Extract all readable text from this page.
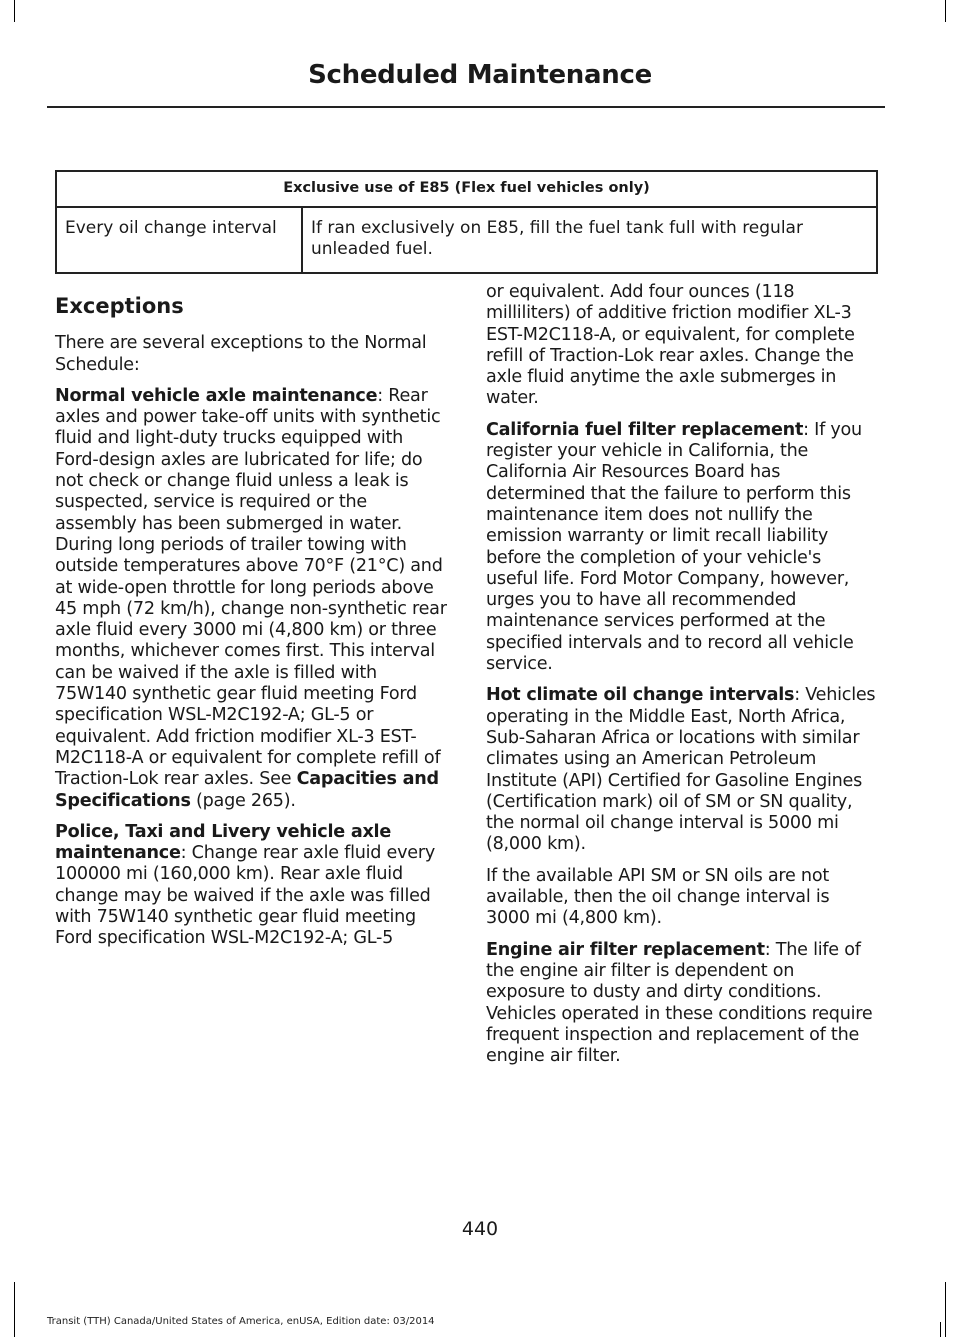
Scheduled Maintenance
Exclusive use of E85 (Flex fuel vehicles only)
Every oil change interval	If ran exclusively on E85, fill the fuel tank full with regular unleaded fuel.
Exceptions

There are several exceptions to the Normal Schedule:

Normal vehicle axle maintenance: Rear axles and power take-off units with synthetic fluid and light-duty trucks equipped with Ford-design axles are lubricated for life; do not check or change fluid unless a leak is suspected, service is required or the assembly has been submerged in water. During long periods of trailer towing with outside temperatures above 70°F (21°C) and at wide-open throttle for long periods above 45 mph (72 km/h), change non-synthetic rear axle fluid every 3000 mi (4,800 km) or three months, whichever comes first. This interval can be waived if the axle is filled with 75W140 synthetic gear fluid meeting Ford specification WSL-M2C192-A; GL-5 or equivalent. Add friction modifier XL-3 EST-M2C118-A or equivalent for complete refill of Traction-Lok rear axles. See Capacities and Specifications (page 265).

Police, Taxi and Livery vehicle axle maintenance: Change rear axle fluid every 100000 mi (160,000 km). Rear axle fluid change may be waived if the axle was filled with 75W140 synthetic gear fluid meeting Ford specification WSL-M2C192-A; GL-5

or equivalent. Add four ounces (118 milliliters) of additive friction modifier XL-3 EST-M2C118-A, or equivalent, for complete refill of Traction-Lok rear axles. Change the axle fluid anytime the axle submerges in water.

California fuel filter replacement: If you register your vehicle in California, the California Air Resources Board has determined that the failure to perform this maintenance item does not nullify the emission warranty or limit recall liability before the completion of your vehicle's useful life. Ford Motor Company, however, urges you to have all recommended maintenance services performed at the specified intervals and to record all vehicle service.

Hot climate oil change intervals: Vehicles operating in the Middle East, North Africa, Sub-Saharan Africa or locations with similar climates using an American Petroleum Institute (API) Certified for Gasoline Engines (Certification mark) oil of SM or SN quality, the normal oil change interval is 5000 mi (8,000 km).

If the available API SM or SN oils are not available, then the oil change interval is 3000 mi (4,800 km).

Engine air filter replacement: The life of the engine air filter is dependent on exposure to dusty and dirty conditions. Vehicles operated in these conditions require frequent inspection and replacement of the engine air filter.

440
Transit (TTH) Canada/United States of America, enUSA, Edition date: 03/2014
